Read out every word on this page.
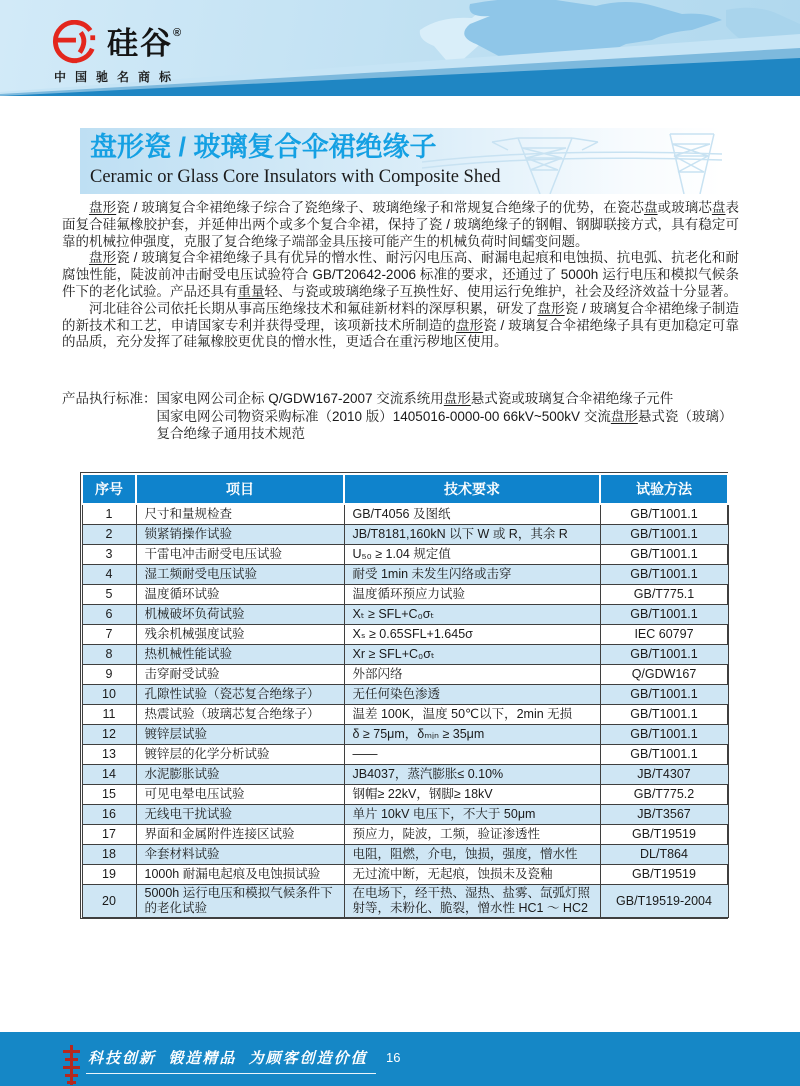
硅谷®
中国驰名商标
盘形瓷 / 玻璃复合伞裙绝缘子
Ceramic or Glass Core Insulators with Composite Shed

盘形瓷 / 玻璃复合伞裙绝缘子综合了瓷绝缘子、玻璃绝缘子和常规复合绝缘子的优势，在瓷芯盘或玻璃芯盘表面复合硅氟橡胶护套，并延伸出两个或多个复合伞裙，保持了瓷 / 玻璃绝缘子的钢帽、钢脚联接方式，具有稳定可靠的机械拉伸强度，克服了复合绝缘子端部金具压接可能产生的机械负荷时间蠕变问题。

盘形瓷 / 玻璃复合伞裙绝缘子具有优异的憎水性、耐污闪电压高、耐漏电起痕和电蚀损、抗电弧、抗老化和耐腐蚀性能，陡波前冲击耐受电压试验符合 GB/T20642-2006 标准的要求，还通过了 5000h 运行电压和模拟气候条件下的老化试验。产品还具有重量轻、与瓷或玻璃绝缘子互换性好、使用运行免维护，社会及经济效益十分显著。

河北硅谷公司依托长期从事高压绝缘技术和氟硅新材料的深厚积累，研发了盘形瓷 / 玻璃复合伞裙绝缘子制造的新技术和工艺，申请国家专利并获得受理，该项新技术所制造的盘形瓷 / 玻璃复合伞裙绝缘子具有更加稳定可靠的品质，充分发挥了硅氟橡胶更优良的憎水性，更适合在重污秽地区使用。

产品执行标准： 国家电网公司企标 Q/GDW167-2007 交流系统用盘形悬式瓷或玻璃复合伞裙绝缘子元件
国家电网公司物资采购标准（2010 版）1405016-0000-00 66kV~500kV 交流盘形悬式瓷（玻璃）复合绝缘子通用技术规范
序号	项目	技术要求	试验方法
1	尺寸和量规检查	GB/T4056 及图纸	GB/T1001.1
2	锁紧销操作试验	JB/T8181,160kN 以下 W 或 R，其余 R	GB/T1001.1
3	干雷电冲击耐受电压试验	U₅₀ ≥ 1.04 规定值	GB/T1001.1
4	湿工频耐受电压试验	耐受 1min 未发生闪络或击穿	GB/T1001.1
5	温度循环试验	温度循环预应力试验	GB/T775.1
6	机械破坏负荷试验	Xₜ ≥ SFL+C₀σₜ	GB/T1001.1
7	残余机械强度试验	Xₛ ≥ 0.65SFL+1.645σ	IEC 60797
8	热机械性能试验	Xr ≥ SFL+C₀σₜ	GB/T1001.1
9	击穿耐受试验	外部闪络	Q/GDW167
10	孔隙性试验（瓷芯复合绝缘子）	无任何染色渗透	GB/T1001.1
11	热震试验（玻璃芯复合绝缘子）	温差 100K，温度 50℃以下，2min 无损	GB/T1001.1
12	镀锌层试验	δ ≥ 75μm，δₘᵢₙ ≥ 35μm	GB/T1001.1
13	镀锌层的化学分析试验	——	GB/T1001.1
14	水泥膨胀试验	JB4037，蒸汽膨胀≤ 0.10%	JB/T4307
15	可见电晕电压试验	钢帽≥ 22kV，钢脚≥ 18kV	GB/T775.2
16	无线电干扰试验	单片 10kV 电压下，不大于 50μm	JB/T3567
17	界面和金属附件连接区试验	预应力，陡波，工频，验证渗透性	GB/T19519
18	伞套材料试验	电阻，阻燃，介电，蚀损，强度，憎水性	DL/T864
19	1000h 耐漏电起痕及电蚀损试验	无过流中断，无起痕，蚀损未及瓷釉	GB/T19519
20	5000h 运行电压和模拟气候条件下的老化试验	在电场下，经干热、湿热、盐雾、氙弧灯照射等，未粉化、脆裂，憎水性 HC1 ～ HC2	GB/T19519-2004
科技创新  锻造精品  为顾客创造价值	16
